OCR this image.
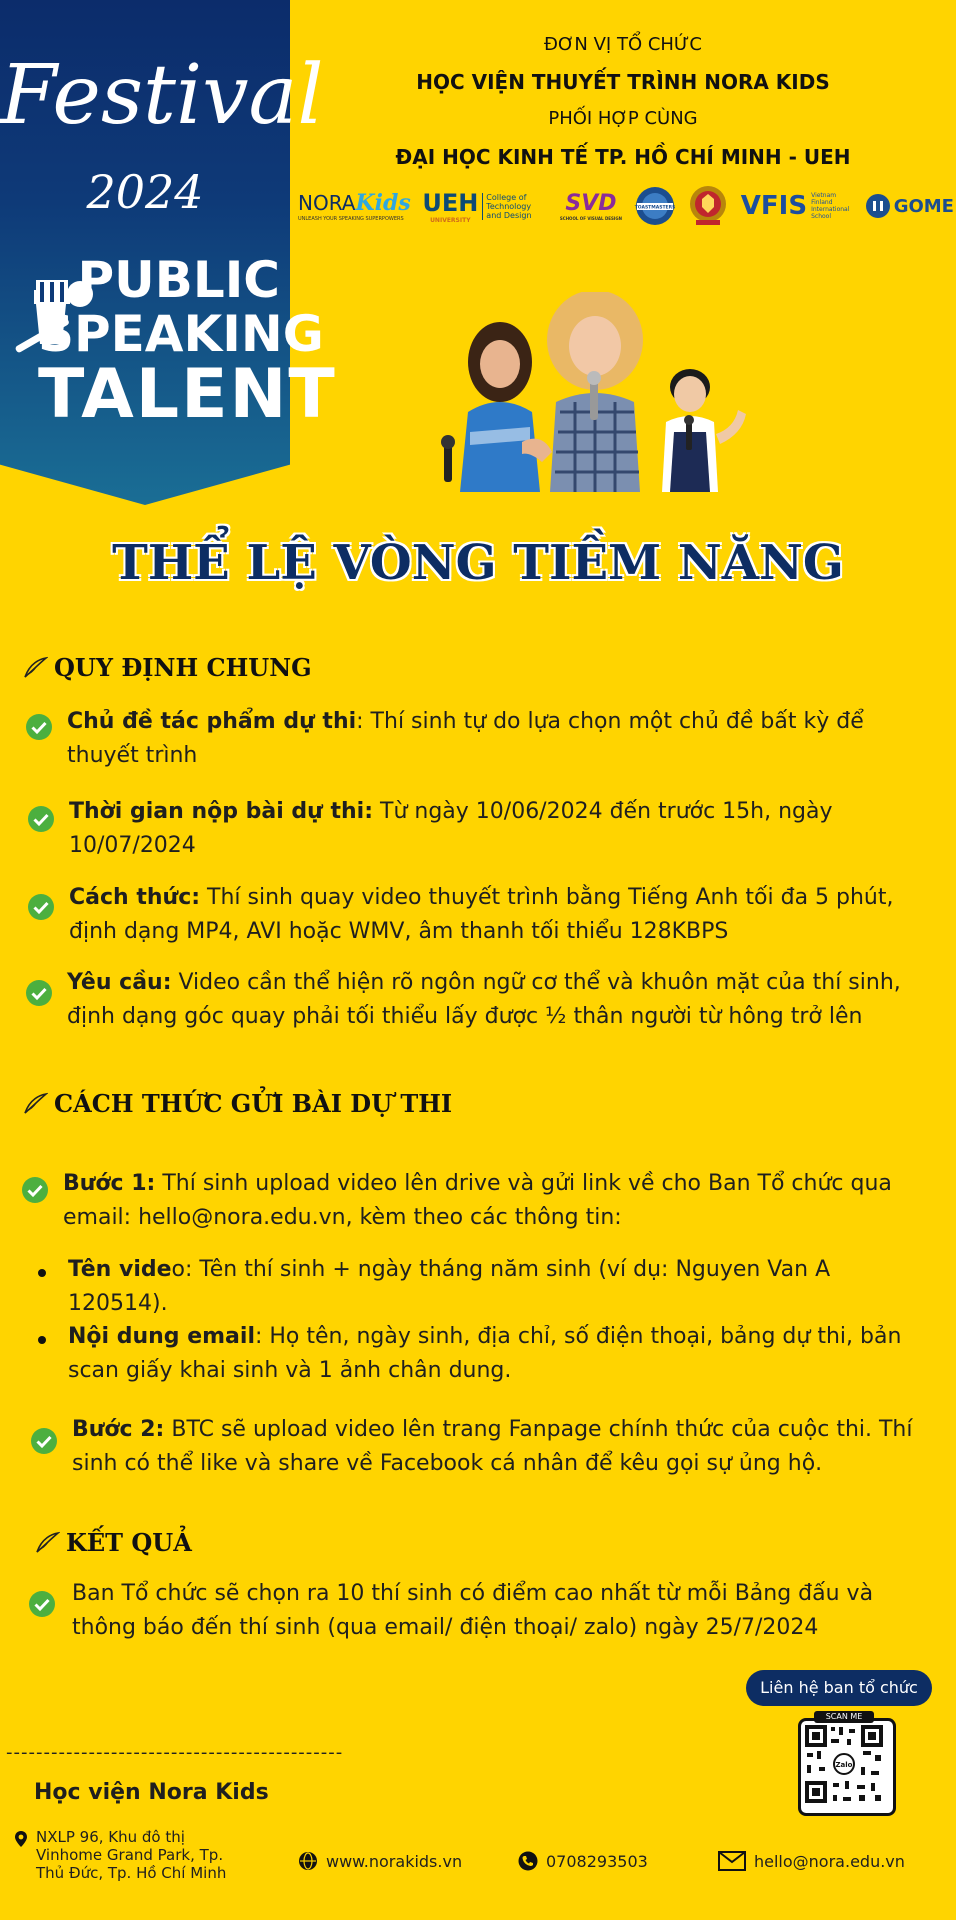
Festival
2024
PUBLIC
SPEAKING
TALENT
ĐƠN VỊ TỔ CHỨC
HỌC VIỆN THUYẾT TRÌNH NORA KIDS
PHỐI HỢP CÙNG
ĐẠI HỌC KINH TẾ TP. HỒ CHÍ MINH - UEH
NORA Kids
UNLEASH YOUR SPEAKING SUPERPOWERS
UEH
UNIVERSITY
College of Technology and Design	SVD
SCHOOL OF VISUAL DESIGN
TOASTMASTERS	VFIS Vietnam Finland International School	GOME
THỂ LỆ VÒNG TIỀM NĂNG
QUY ĐỊNH CHUNG
Chủ đề tác phẩm dự thi: Thí sinh tự do lựa chọn một chủ đề bất kỳ để thuyết trình
Thời gian nộp bài dự thi: Từ ngày 10/06/2024 đến trước 15h, ngày 10/07/2024
Cách thức: Thí sinh quay video thuyết trình bằng Tiếng Anh tối đa 5 phút, định dạng MP4, AVI hoặc WMV, âm thanh tối thiểu 128KBPS
Yêu cầu: Video cần thể hiện rõ ngôn ngữ cơ thể và khuôn mặt của thí sinh, định dạng góc quay phải tối thiểu lấy được ½ thân người từ hông trở lên
CÁCH THỨC GỬI BÀI DỰ THI
Bước 1: Thí sinh upload video lên drive và gửi link về cho Ban Tổ chức qua email: hello@nora.edu.vn, kèm theo các thông tin:
Tên video: Tên thí sinh + ngày tháng năm sinh (ví dụ: Nguyen Van A 120514).
Nội dung email: Họ tên, ngày sinh, địa chỉ, số điện thoại, bảng dự thi, bản scan giấy khai sinh và 1 ảnh chân dung.
Bước 2: BTC sẽ upload video lên trang Fanpage chính thức của cuộc thi. Thí sinh có thể like và share về Facebook cá nhân để kêu gọi sự ủng hộ.
KẾT QUẢ
Ban Tổ chức sẽ chọn ra 10 thí sinh có điểm cao nhất từ mỗi Bảng đấu và thông báo đến thí sinh (qua email/ điện thoại/ zalo) ngày 25/7/2024
Liên hệ ban tổ chức
Zalo
SCAN ME
---------------------------------------------
Học viện Nora Kids
NXLP 96, Khu đô thị Vinhome Grand Park, Tp. Thủ Đức, Tp. Hồ Chí Minh
www.norakids.vn	0708293503	hello@nora.edu.vn
